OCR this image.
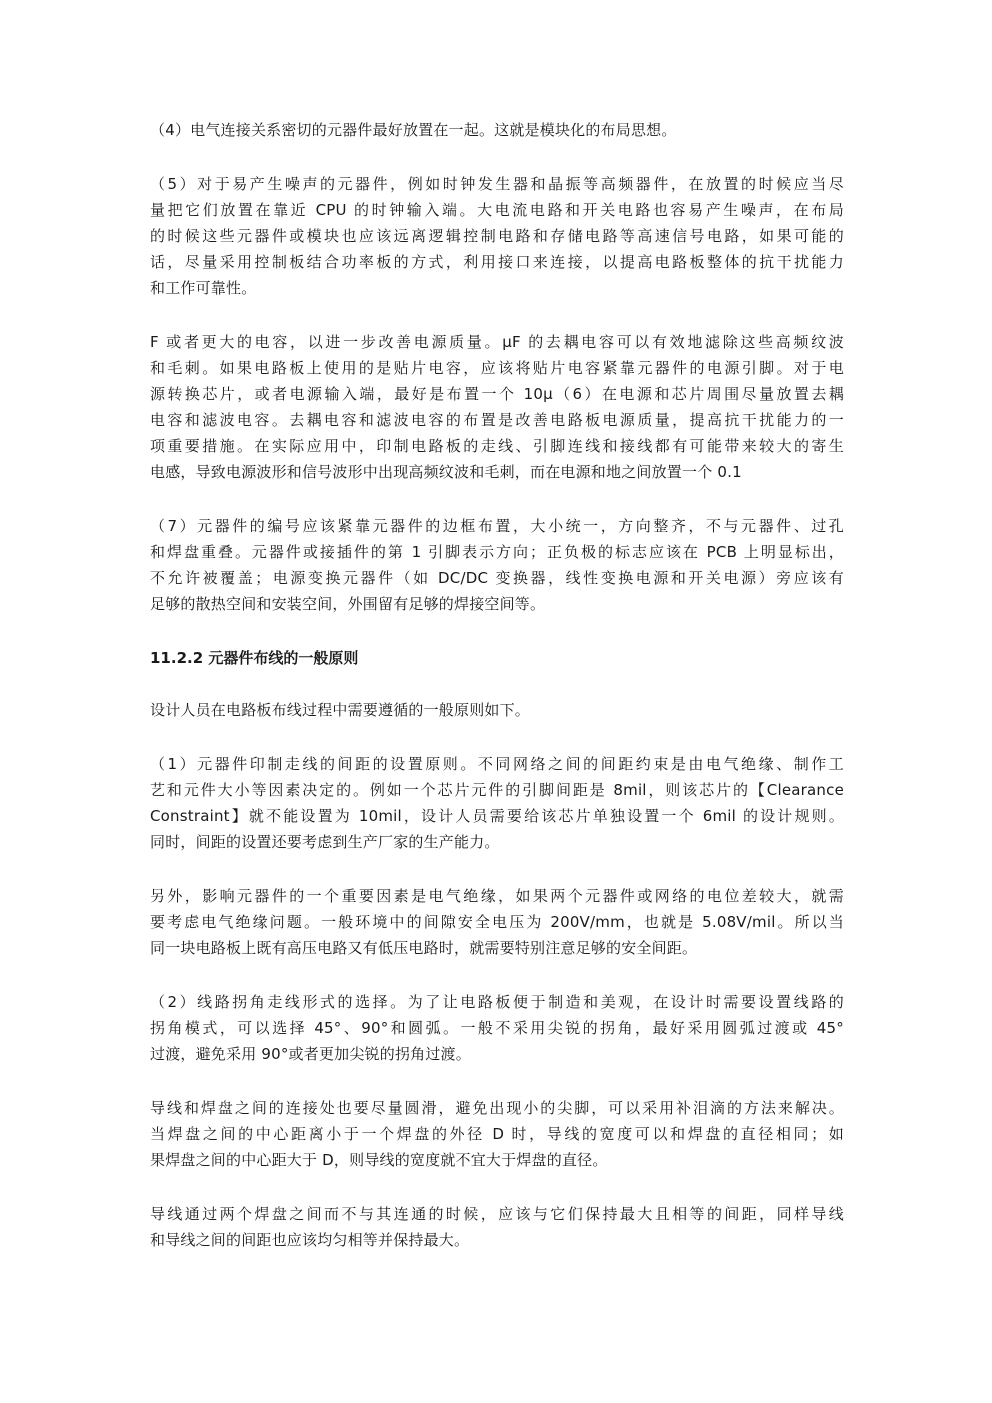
（4）电气连接关系密切的元器件最好放置在一起。这就是模块化的布局思想。
（5）对于易产生噪声的元器件，例如时钟发生器和晶振等高频器件，在放置的时候应当尽
量把它们放置在靠近 CPU 的时钟输入端。大电流电路和开关电路也容易产生噪声，在布局
的时候这些元器件或模块也应该远离逻辑控制电路和存储电路等高速信号电路，如果可能的
话，尽量采用控制板结合功率板的方式，利用接口来连接，以提高电路板整体的抗干扰能力
和工作可靠性。
F 或者更大的电容，以进一步改善电源质量。μF 的去耦电容可以有效地滤除这些高频纹波
和毛刺。如果电路板上使用的是贴片电容，应该将贴片电容紧靠元器件的电源引脚。对于电
源转换芯片，或者电源输入端，最好是布置一个 10μ（6）在电源和芯片周围尽量放置去耦
电容和滤波电容。去耦电容和滤波电容的布置是改善电路板电源质量，提高抗干扰能力的一
项重要措施。在实际应用中，印制电路板的走线、引脚连线和接线都有可能带来较大的寄生
电感，导致电源波形和信号波形中出现高频纹波和毛刺，而在电源和地之间放置一个 0.1
（7）元器件的编号应该紧靠元器件的边框布置，大小统一，方向整齐，不与元器件、过孔
和焊盘重叠。元器件或接插件的第 1 引脚表示方向；正负极的标志应该在 PCB 上明显标出，
不允许被覆盖；电源变换元器件（如 DC/DC 变换器，线性变换电源和开关电源）旁应该有
足够的散热空间和安装空间，外围留有足够的焊接空间等。
11.2.2 元器件布线的一般原则
设计人员在电路板布线过程中需要遵循的一般原则如下。
（1）元器件印制走线的间距的设置原则。不同网络之间的间距约束是由电气绝缘、制作工
艺和元件大小等因素决定的。例如一个芯片元件的引脚间距是 8mil，则该芯片的【Clearance
Constraint】就不能设置为 10mil，设计人员需要给该芯片单独设置一个 6mil 的设计规则。
同时，间距的设置还要考虑到生产厂家的生产能力。
另外，影响元器件的一个重要因素是电气绝缘，如果两个元器件或网络的电位差较大，就需
要考虑电气绝缘问题。一般环境中的间隙安全电压为 200V/mm，也就是 5.08V/mil。所以当
同一块电路板上既有高压电路又有低压电路时，就需要特别注意足够的安全间距。
（2）线路拐角走线形式的选择。为了让电路板便于制造和美观，在设计时需要设置线路的
拐角模式，可以选择 45°、90°和圆弧。一般不采用尖锐的拐角，最好采用圆弧过渡或 45°
过渡，避免采用 90°或者更加尖锐的拐角过渡。
导线和焊盘之间的连接处也要尽量圆滑，避免出现小的尖脚，可以采用补泪滴的方法来解决。
当焊盘之间的中心距离小于一个焊盘的外径 D 时，导线的宽度可以和焊盘的直径相同；如
果焊盘之间的中心距大于 D，则导线的宽度就不宜大于焊盘的直径。
导线通过两个焊盘之间而不与其连通的时候，应该与它们保持最大且相等的间距，同样导线
和导线之间的间距也应该均匀相等并保持最大。
